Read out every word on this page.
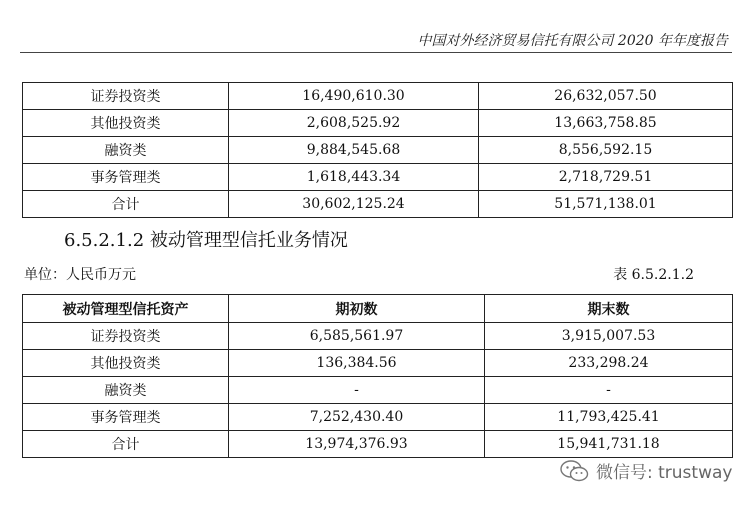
中国对外经济贸易信托有限公司 2020 年年度报告
证券投资类	16,490,610.30	26,632,057.50
其他投资类	2,608,525.92	13,663,758.85
融资类	9,884,545.68	8,556,592.15
事务管理类	1,618,443.34	2,718,729.51
合计	30,602,125.24	51,571,138.01
6.5.2.1.2 被动管理型信托业务情况
单位：人民币万元	表 6.5.2.1.2
被动管理型信托资产	期初数	期末数
证券投资类	6,585,561.97	3,915,007.53
其他投资类	136,384.56	233,298.24
融资类	-	-
事务管理类	7,252,430.40	11,793,425.41
合计	13,974,376.93	15,941,731.18
微信号: trustway
